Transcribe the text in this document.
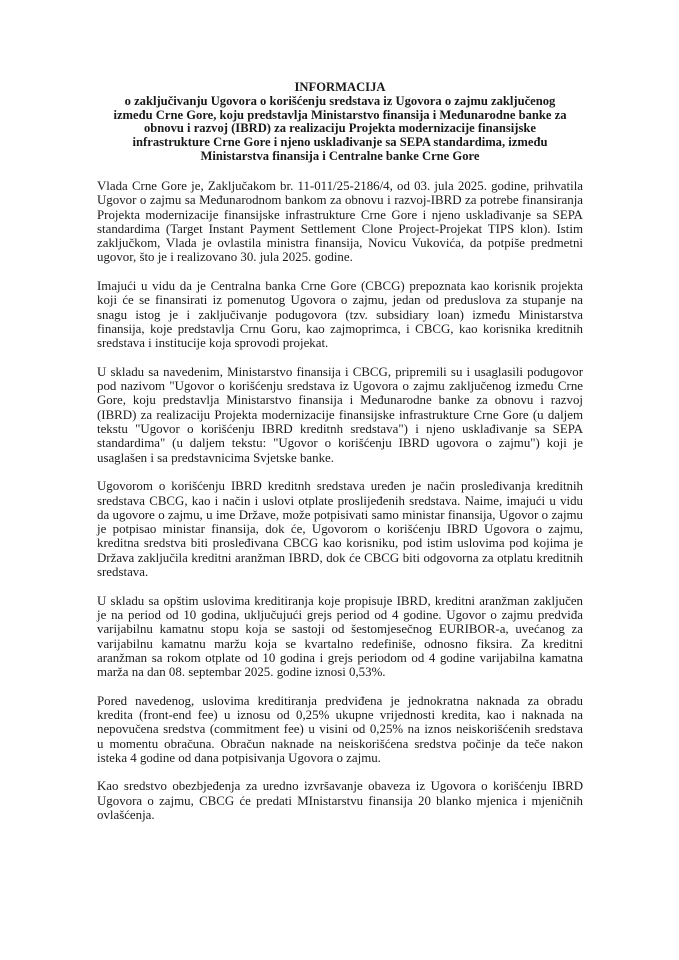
INFORMACIJA
o zaključivanju Ugovora o korišćenju sredstava iz Ugovora o zajmu zaključenog
između Crne Gore, koju predstavlja Ministarstvo finansija i Međunarodne banke za
obnovu i razvoj (IBRD) za realizaciju Projekta modernizacije finansijske
infrastrukture Crne Gore i njeno usklađivanje sa SEPA standardima, između
Ministarstva finansija i Centralne banke Crne Gore
Vlada Crne Gore je, Zaključakom br. 11-011/25-2186/4, od 03. jula 2025. godine, prihvatila
Ugovor o zajmu sa Međunarodnom bankom za obnovu i razvoj-IBRD za potrebe finansiranja
Projekta modernizacije finansijske infrastrukture Crne Gore i njeno usklađivanje sa SEPA
standardima (Target Instant Payment Settlement Clone Project-Projekat TIPS klon). Istim
zaključkom, Vlada je ovlastila ministra finansija, Novicu Vukovića, da potpiše predmetni
ugovor, što je i realizovano 30. jula 2025. godine.
Imajući u vidu da je Centralna banka Crne Gore (CBCG) prepoznata kao korisnik projekta
koji će se finansirati iz pomenutog Ugovora o zajmu, jedan od preduslova za stupanje na
snagu istog je i zaključivanje podugovora (tzv. subsidiary loan) između Ministarstva
finansija, koje predstavlja Crnu Goru, kao zajmoprimca, i CBCG, kao korisnika kreditnih
sredstava i institucije koja sprovodi projekat.
U skladu sa navedenim, Ministarstvo finansija i CBCG, pripremili su i usaglasili podugovor
pod nazivom "Ugovor o korišćenju sredstava iz Ugovora o zajmu zaključenog između Crne
Gore, koju predstavlja Ministarstvo finansija i Međunarodne banke za obnovu i razvoj
(IBRD) za realizaciju Projekta modernizacije finansijske infrastrukture Crne Gore (u daljem
tekstu "Ugovor o korišćenju IBRD kreditnh sredstava") i njeno usklađivanje sa SEPA
standardima" (u daljem tekstu: "Ugovor o korišćenju IBRD ugovora o zajmu") koji je
usaglašen i sa predstavnicima Svjetske banke.
Ugovorom o korišćenju IBRD kreditnh sredstava uređen je način prosleđivanja kreditnih
sredstava CBCG, kao i način i uslovi otplate proslijeđenih sredstava. Naime, imajući u vidu
da ugovore o zajmu, u ime Države, može potpisivati samo ministar finansija, Ugovor o zajmu
je potpisao ministar finansija, dok će, Ugovorom o korišćenju IBRD Ugovora o zajmu,
kreditna sredstva biti prosleđivana CBCG kao korisniku, pod istim uslovima pod kojima je
Država zaključila kreditni aranžman IBRD, dok će CBCG biti odgovorna za otplatu kreditnih
sredstava.
U skladu sa opštim uslovima kreditiranja koje propisuje IBRD, kreditni aranžman zaključen
je na period od 10 godina, uključujući grejs period od 4 godine. Ugovor o zajmu predviđa
varijabilnu kamatnu stopu koja se sastoji od šestomjesečnog EURIBOR-a, uvećanog za
varijabilnu kamatnu maržu koja se kvartalno redefiniše, odnosno fiksira. Za kreditni
aranžman sa rokom otplate od 10 godina i grejs periodom od 4 godine varijabilna kamatna
marža na dan 08. septembar 2025. godine iznosi 0,53%.
Pored navedenog, uslovima kreditiranja predviđena je jednokratna naknada za obradu
kredita (front-end fee) u iznosu od 0,25% ukupne vrijednosti kredita, kao i naknada na
nepovučena sredstva (commitment fee) u visini od 0,25% na iznos neiskorišćenih sredstava
u momentu obračuna. Obračun naknade na neiskorišćena sredstva počinje da teče nakon
isteka 4 godine od dana potpisivanja Ugovora o zajmu.
Kao sredstvo obezbjeđenja za uredno izvršavanje obaveza iz Ugovora o korišćenju IBRD
Ugovora o zajmu, CBCG će predati MInistarstvu finansija 20 blanko mjenica i mjeničnih
ovlašćenja.
